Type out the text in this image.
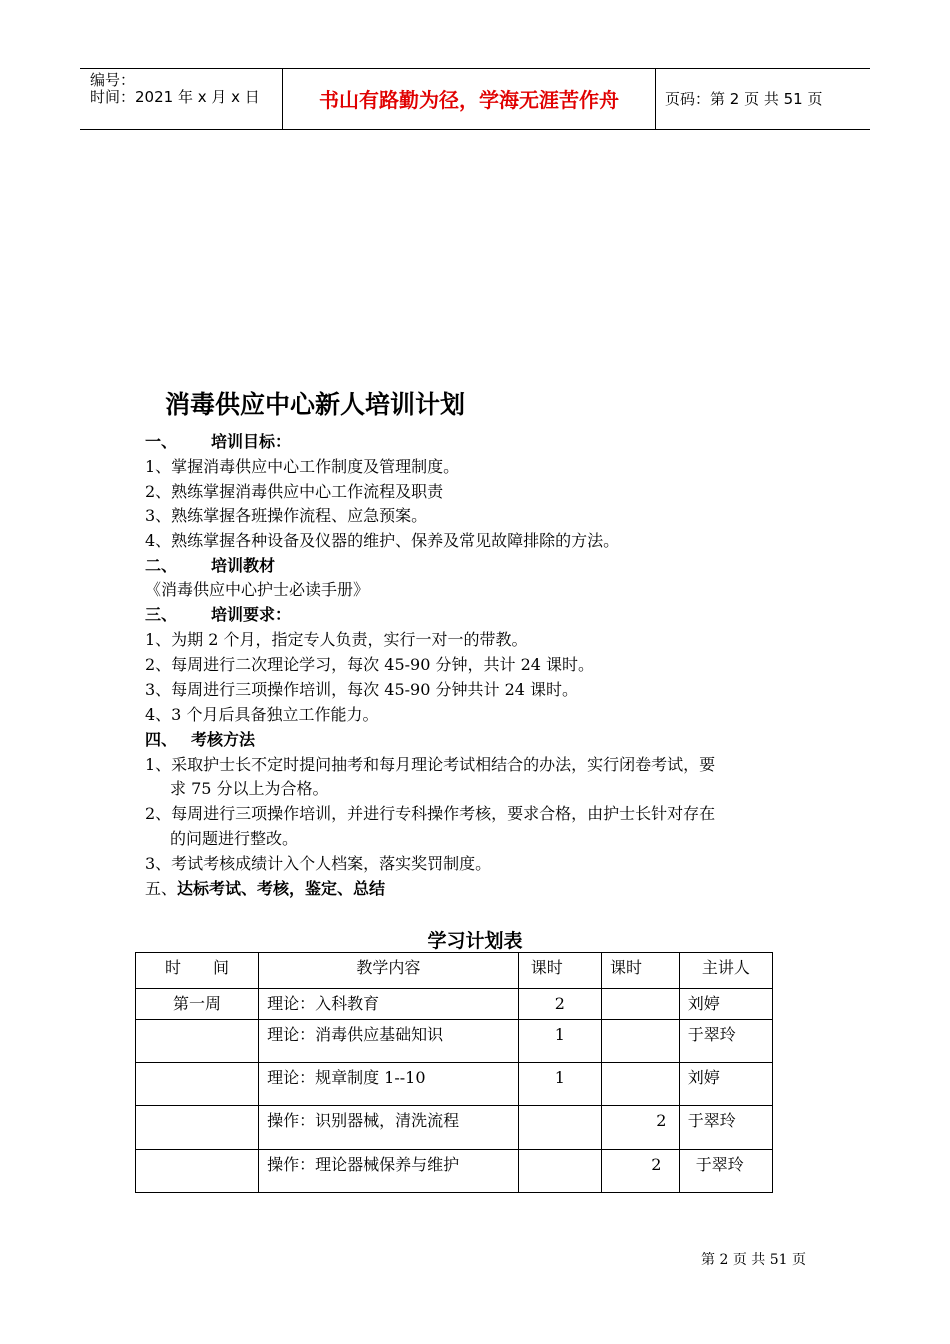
编号：
时间：2021 年 x 月 x 日	书山有路勤为径，学海无涯苦作舟	页码：第 2 页 共 51 页
消毒供应中心新人培训计划
一、 培训目标：
1、掌握消毒供应中心工作制度及管理制度。
2、熟练掌握消毒供应中心工作流程及职责
3、熟练掌握各班操作流程、应急预案。
4、熟练掌握各种设备及仪器的维护、保养及常见故障排除的方法。
二、 培训教材
《消毒供应中心护士必读手册》
三、 培训要求：
1、为期 2 个月，指定专人负责，实行一对一的带教。
2、每周进行二次理论学习，每次 45-90 分钟，共计 24 课时。
3、每周进行三项操作培训，每次 45-90 分钟共计 24 课时。
4、3 个月后具备独立工作能力。
四、 考核方法
1、采取护士长不定时提问抽考和每月理论考试相结合的办法，实行闭卷考试，要
求 75 分以上为合格。
2、每周进行三项操作培训，并进行专科操作考核，要求合格，由护士长针对存在
的问题进行整改。
3、考试考核成绩计入个人档案，落实奖罚制度。
五、达标考试、考核，鉴定、总结
学习计划表
时　　间	教学内容	课时	课时	主讲人

第一周	理论：入科教育	2		刘婷

	理论：消毒供应基础知识	1		于翠玲

	理论：规章制度 1--10	1		刘婷

	操作：识别器械，清洗流程		2	于翠玲

	操作：理论器械保养与维护		2	于翠玲
第 2 页 共 51 页
